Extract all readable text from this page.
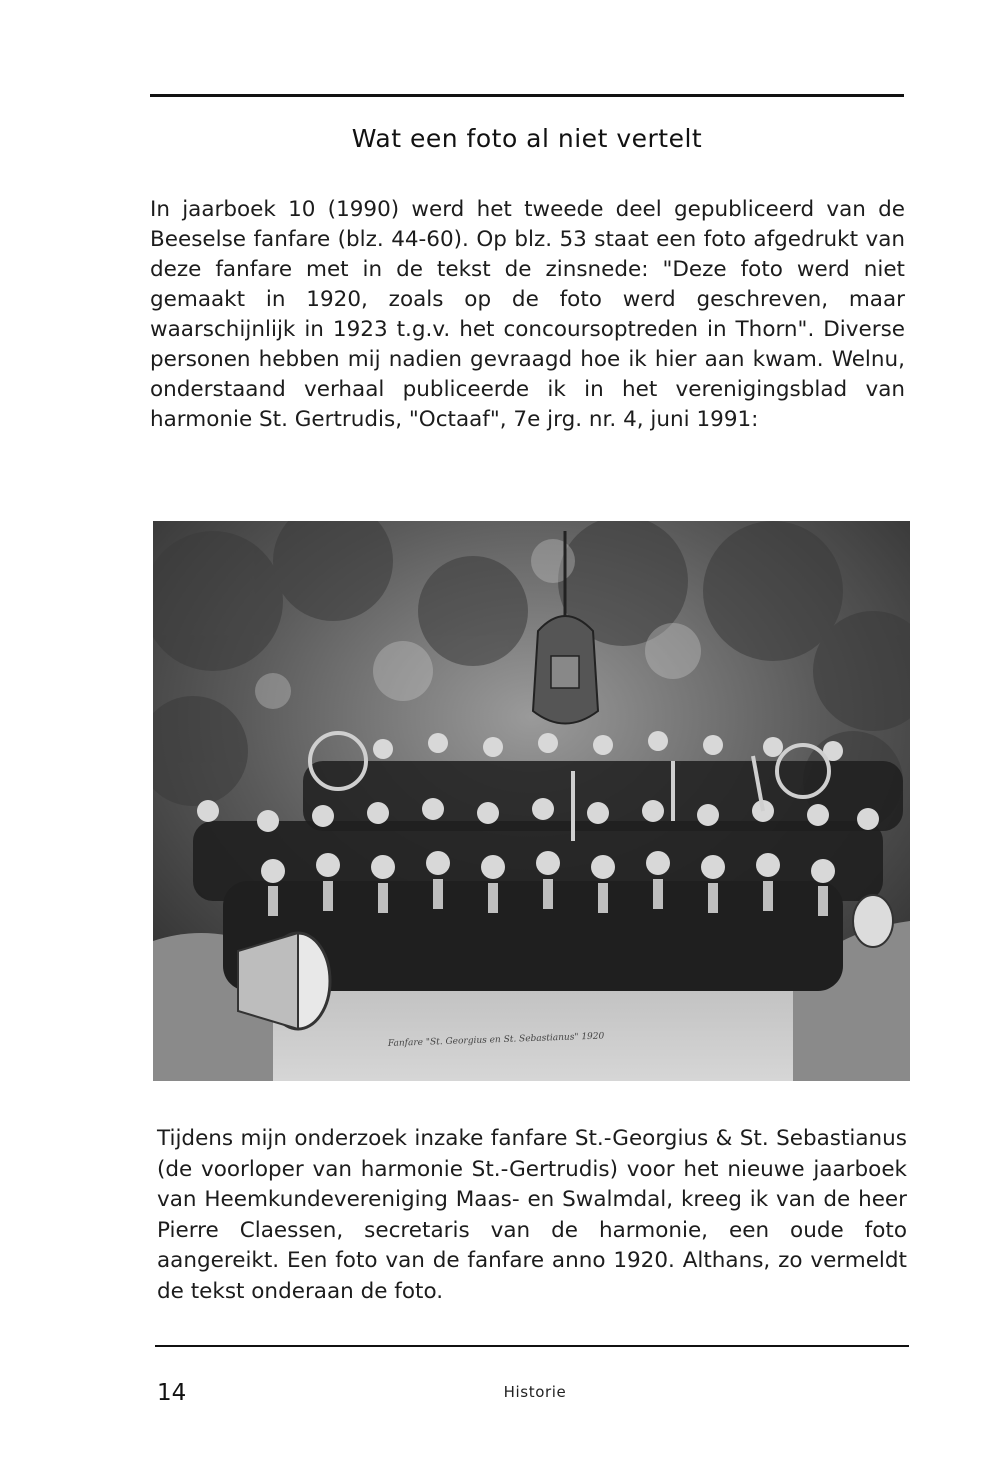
Wat een foto al niet vertelt

In jaarboek 10 (1990) werd het tweede deel gepubliceerd van de Beeselse fanfare (blz. 44-60). Op blz. 53 staat een foto afgedrukt van deze fanfare met in de tekst de zinsnede: "Deze foto werd niet gemaakt in 1920, zoals op de foto werd geschreven, maar waarschijnlijk in 1923 t.g.v. het concoursoptreden in Thorn". Diverse personen hebben mij nadien gevraagd hoe ik hier aan kwam. Welnu, onderstaand verhaal publiceerde ik in het verenigingsblad van harmonie St. Gertrudis, "Octaaf", 7e jrg. nr. 4, juni 1991:

Fanfare "St. Georgius en St. Sebastianus" 1920

Tijdens mijn onderzoek inzake fanfare St.-Georgius & St. Sebastianus (de voorloper van harmonie St.-Gertrudis) voor het nieuwe jaarboek van Heemkundevereniging Maas- en Swalmdal, kreeg ik van de heer Pierre Claessen, secretaris van de harmonie, een oude foto aangereikt. Een foto van de fanfare anno 1920. Althans, zo vermeldt de tekst onderaan de foto.

14	Historie
